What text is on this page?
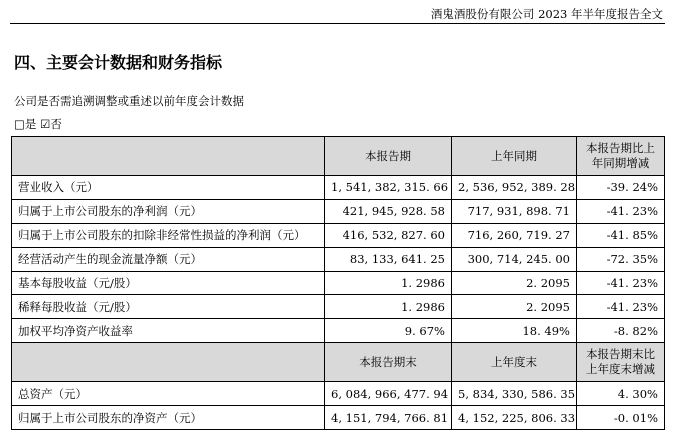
酒鬼酒股份有限公司 2023 年半年度报告全文
四、主要会计数据和财务指标
公司是否需追溯调整或重述以前年度会计数据
□是 ☑否
	本报告期	上年同期	本报告期比上年同期增减
营业收入（元）	1, 541, 382, 315. 66	2, 536, 952, 389. 28	-39. 24%
归属于上市公司股东的净利润（元）	421, 945, 928. 58	717, 931, 898. 71	-41. 23%
归属于上市公司股东的扣除非经常性损益的净利润（元）	416, 532, 827. 60	716, 260, 719. 27	-41. 85%
经营活动产生的现金流量净额（元）	83, 133, 641. 25	300, 714, 245. 00	-72. 35%
基本每股收益（元/股）	1. 2986	2. 2095	-41. 23%
稀释每股收益（元/股）	1. 2986	2. 2095	-41. 23%
加权平均净资产收益率	9. 67%	18. 49%	-8. 82%
	本报告期末	上年度末	本报告期末比上年度末增减
总资产（元）	6, 084, 966, 477. 94	5, 834, 330, 586. 35	4. 30%
归属于上市公司股东的净资产（元）	4, 151, 794, 766. 81	4, 152, 225, 806. 33	-0. 01%
